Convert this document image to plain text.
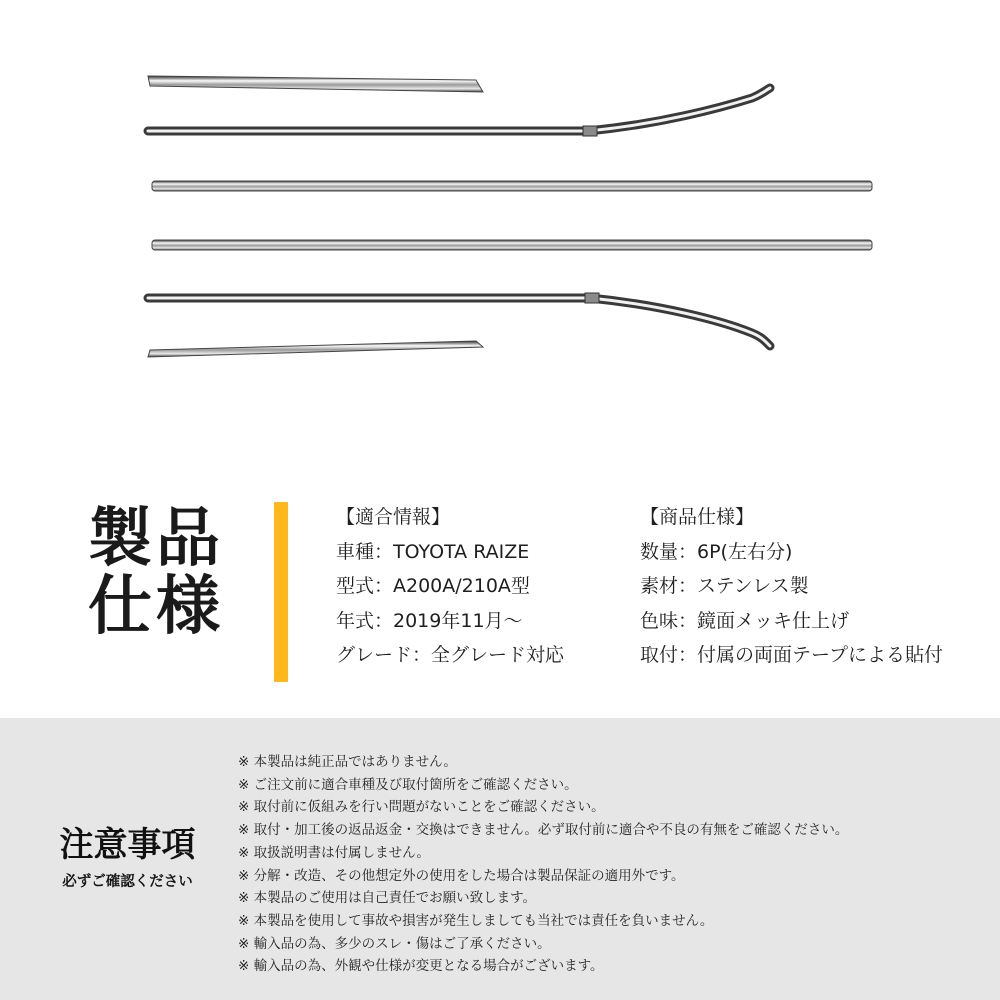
製品
仕様
【適合情報】
車種：TOYOTA RAIZE
型式：A200A/210A型
年式：2019年11月～
グレード：全グレード対応
【商品仕様】
数量：6P(左右分)
素材：ステンレス製
色味：鏡面メッキ仕上げ
取付：付属の両面テープによる貼付
注意事項
必ずご確認ください
※ 本製品は純正品ではありません。
※ ご注文前に適合車種及び取付箇所をご確認ください。
※ 取付前に仮組みを行い問題がないことをご確認ください。
※ 取付・加工後の返品返金・交換はできません。必ず取付前に適合や不良の有無をご確認ください。
※ 取扱説明書は付属しません。
※ 分解・改造、その他想定外の使用をした場合は製品保証の適用外です。
※ 本製品のご使用は自己責任でお願い致します。
※ 本製品を使用して事故や損害が発生しましても当社では責任を負いません。
※ 輸入品の為、多少のスレ・傷はご了承ください。
※ 輸入品の為、外観や仕様が変更となる場合がございます。
